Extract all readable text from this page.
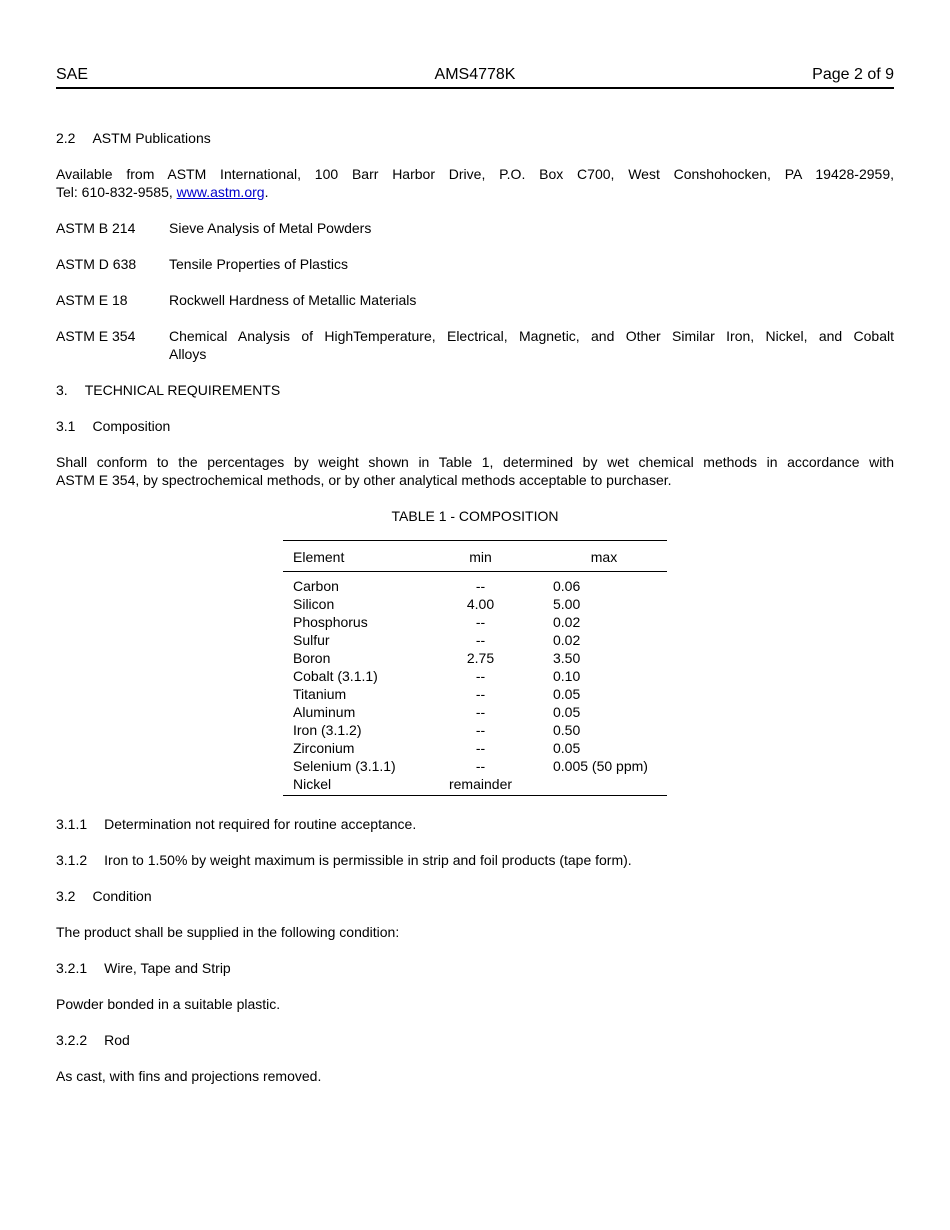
SAE	AMS4778K	Page 2 of 9
2.2 ASTM Publications

Available from ASTM International, 100 Barr Harbor Drive, P.O. Box C700, West Conshohocken, PA 19428-2959,
Tel: 610-832-9585, www.astm.org.

ASTM B 214	Sieve Analysis of Metal Powders
ASTM D 638	Tensile Properties of Plastics
ASTM E 18	Rockwell Hardness of Metallic Materials
ASTM E 354	Chemical Analysis of HighTemperature, Electrical, Magnetic, and Other Similar Iron, Nickel, and Cobalt
Alloys
3. TECHNICAL REQUIREMENTS
3.1 Composition

Shall conform to the percentages by weight shown in Table 1, determined by wet chemical methods in accordance with
ASTM E 354, by spectrochemical methods, or by other analytical methods acceptable to purchaser.

TABLE 1 - COMPOSITION
Element	min	max
Carbon	--	0.06
Silicon	4.00	5.00
Phosphorus	--	0.02
Sulfur	--	0.02
Boron	2.75	3.50
Cobalt (3.1.1)	--	0.10
Titanium	--	0.05
Aluminum	--	0.05
Iron (3.1.2)	--	0.50
Zirconium	--	0.05
Selenium (3.1.1)	--	0.005 (50 ppm)
Nickel	remainder
3.1.1 Determination not required for routine acceptance.
3.1.2 Iron to 1.50% by weight maximum is permissible in strip and foil products (tape form).
3.2 Condition

The product shall be supplied in the following condition:

3.2.1 Wire, Tape and Strip

Powder bonded in a suitable plastic.

3.2.2 Rod

As cast, with fins and projections removed.
